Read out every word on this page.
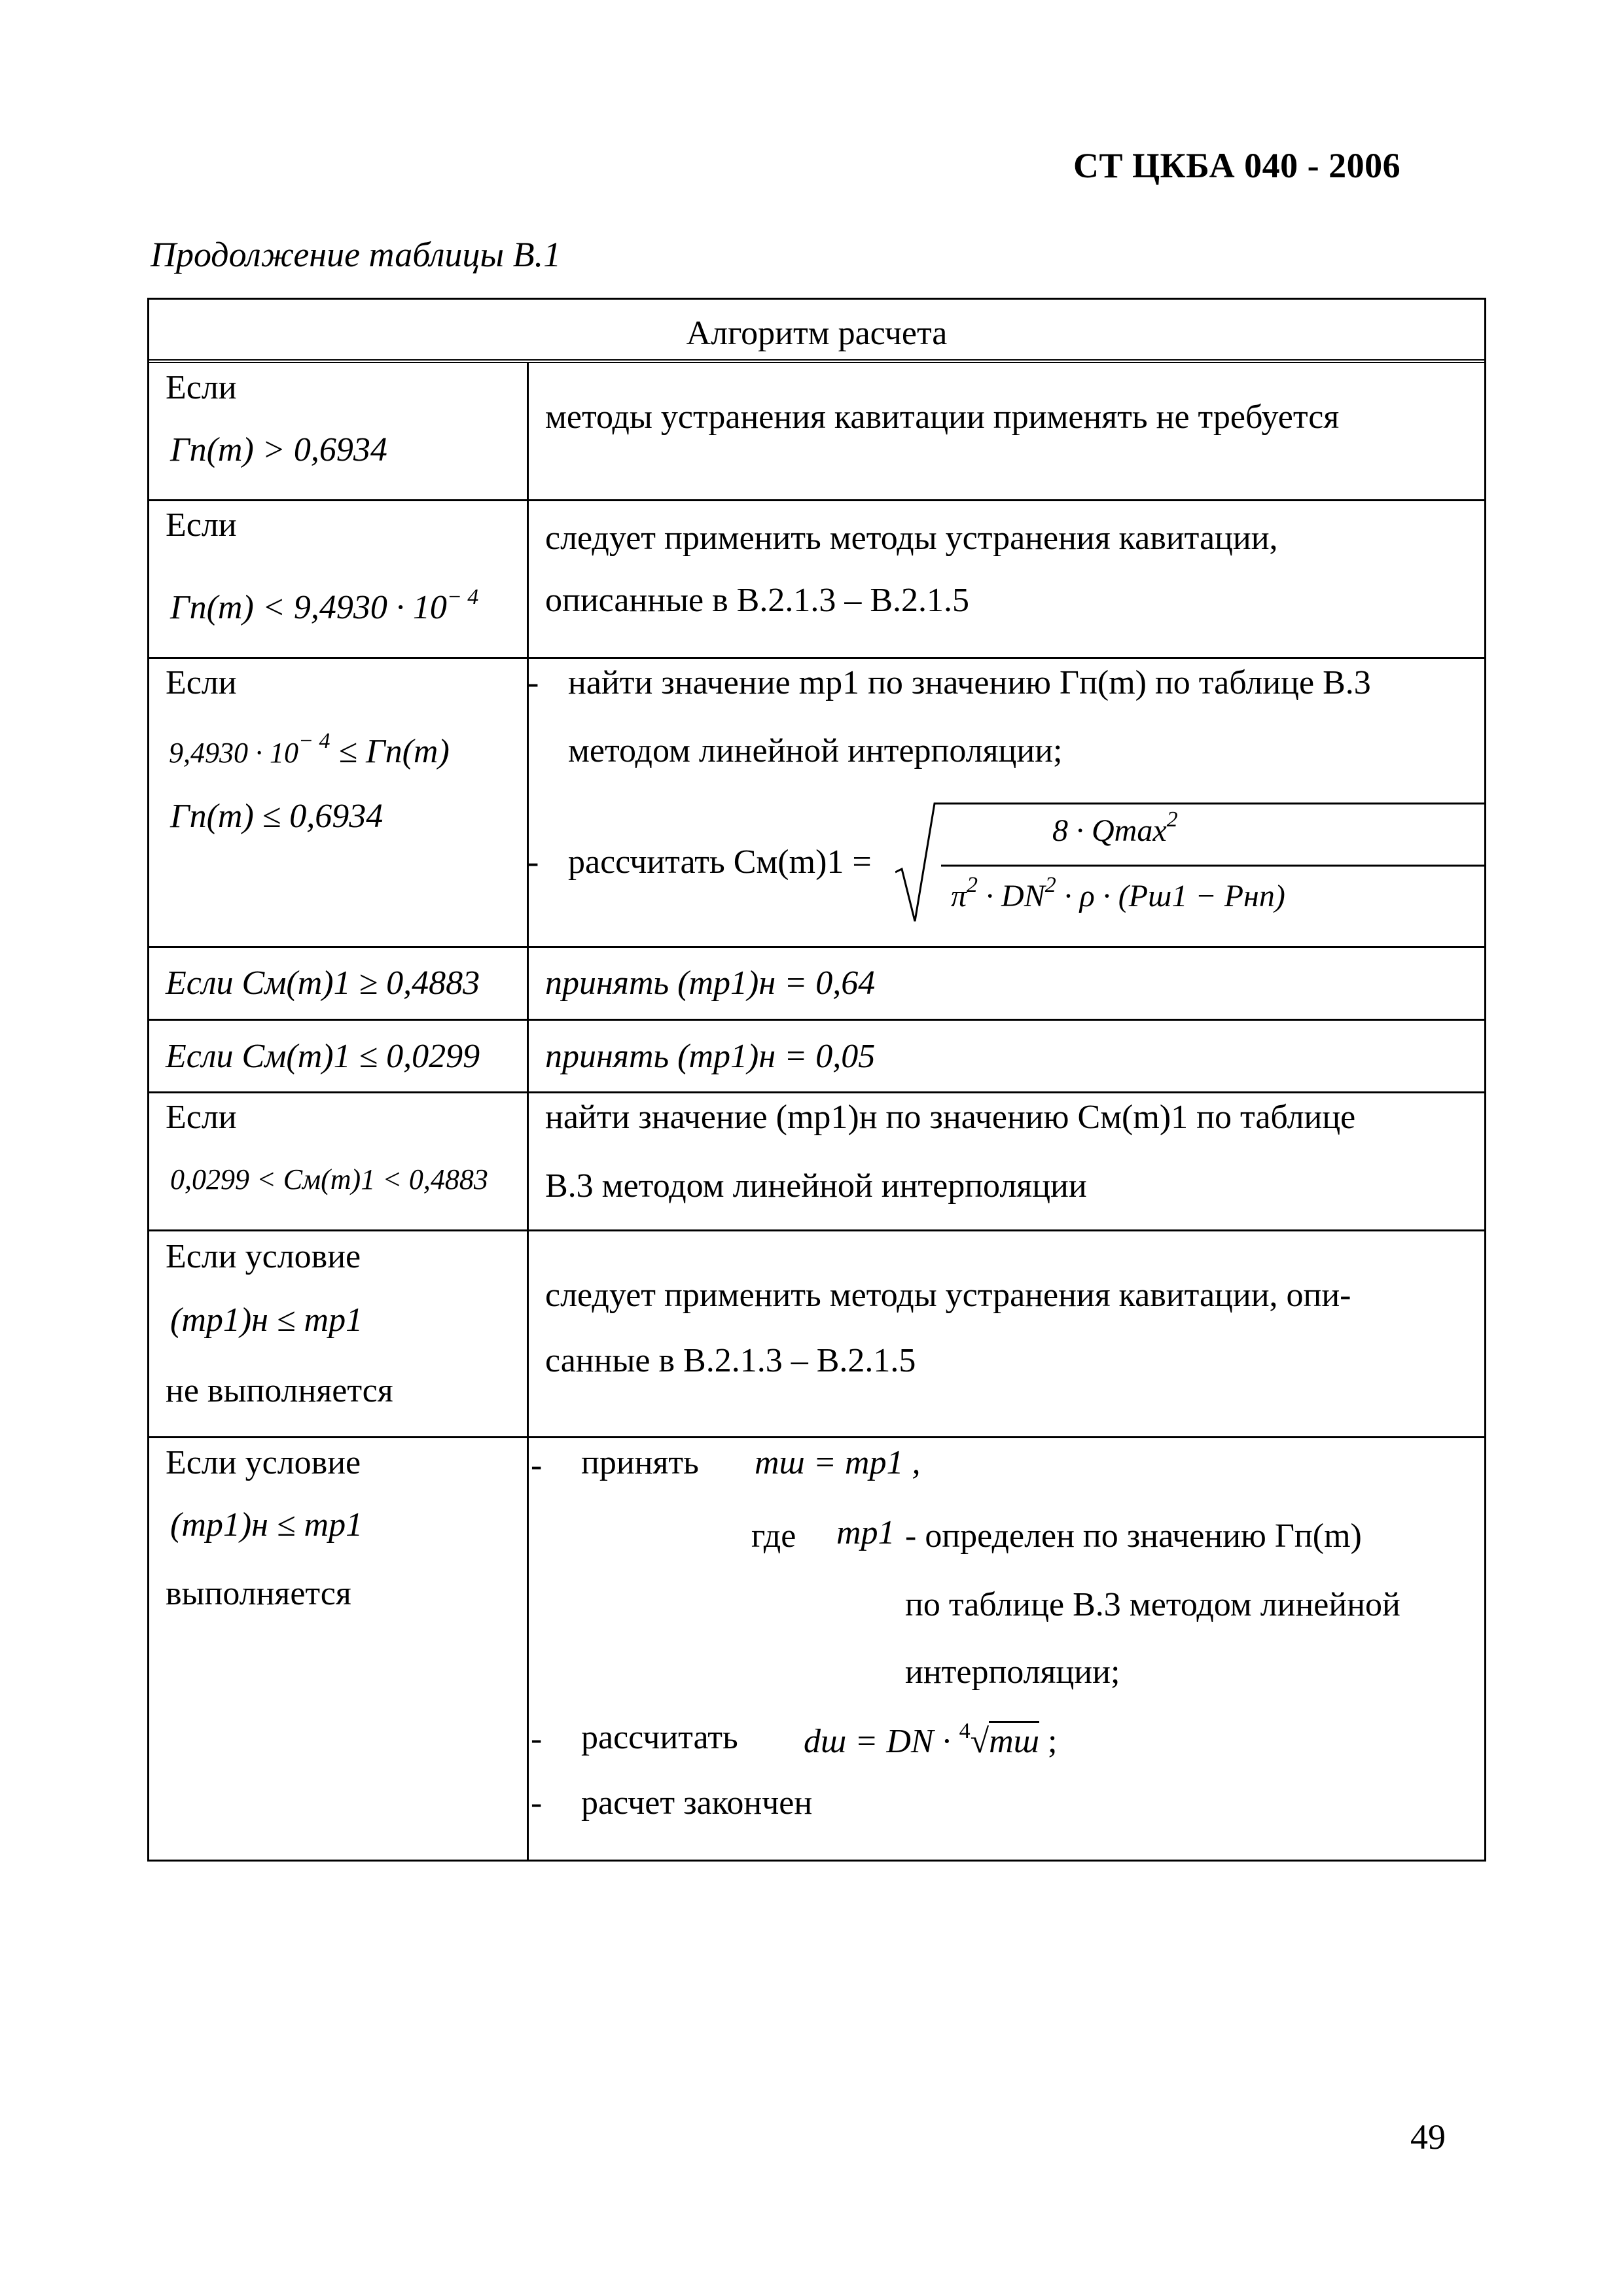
СТ ЦКБА 040 - 2006
Продолжение таблицы В.1
Алгоритм расчета
Если
Гп(m) > 0,6934
методы устранения кавитации применять не требуется
Если
$Гп(m) < 9,4930 \cdot 10^{- 4}$
следует применить методы устранения кавитации,
описанные в В.2.1.3 – В.2.1.5
Если
$9,4930 \cdot 10^{- 4} \le Гп(m)$
Гп(m) ≤ 0,6934
- найти значение mp1 по значению Гп(m) по таблице В.3
методом линейной интерполяции;
- рассчитать Cм(m)1 =
8 · Qmax$^2$
$\pi^2 \cdot DN^2 \cdot \rho \cdot (Pш1 - Pнп)$
Если Cм(m)1 ≥ 0,4883 принять (mp1)н = 0,64
Если Cм(m)1 ≤ 0,0299 принять (mp1)н = 0,05
Если
0,0299 < Cм(m)1 < 0,4883
найти значение (mp1)н по значению Cм(m)1 по таблице
В.3 методом линейной интерполяции
Если условие
(mp1)н ≤ mp1
не выполняется
следует применить методы устранения кавитации, опи-
санные в В.2.1.3 – В.2.1.5
Если условие
(mp1)н ≤ mp1
выполняется
- принять mш = mp1 ,
где mp1 - определен по значению Гп(m)
по таблице В.3 методом линейной
интерполяции;
- рассчитать dш = DN · $^4$√mш ;
- расчет закончен
49
